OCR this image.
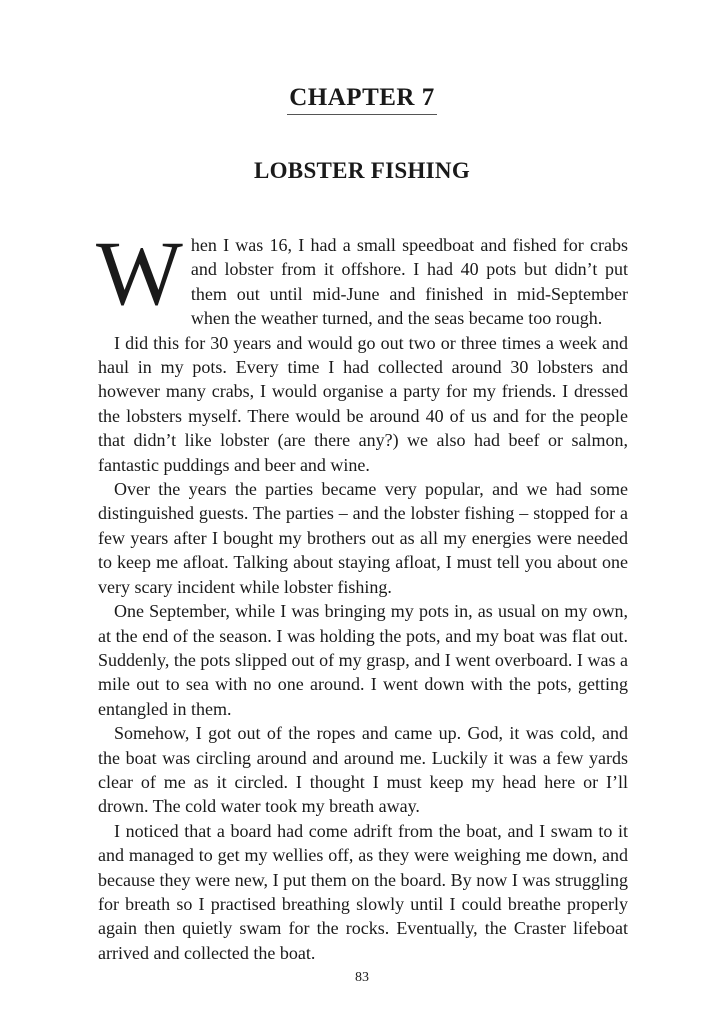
CHAPTER 7
LOBSTER FISHING

When I was 16, I had a small speedboat and fished for crabs and lobster from it offshore. I had 40 pots but didn’t put them out until mid-June and finished in mid-September when the weather turned, and the seas became too rough.

I did this for 30 years and would go out two or three times a week and haul in my pots. Every time I had collected around 30 lobsters and however many crabs, I would organise a party for my friends. I dressed the lobsters myself. There would be around 40 of us and for the people that didn’t like lobster (are there any?) we also had beef or salmon, fantastic puddings and beer and wine.

Over the years the parties became very popular, and we had some distinguished guests. The parties – and the lobster fishing – stopped for a few years after I bought my brothers out as all my energies were needed to keep me afloat. Talking about staying afloat, I must tell you about one very scary incident while lobster fishing.

One September, while I was bringing my pots in, as usual on my own, at the end of the season. I was holding the pots, and my boat was flat out. Suddenly, the pots slipped out of my grasp, and I went overboard. I was a mile out to sea with no one around. I went down with the pots, getting entangled in them.

Somehow, I got out of the ropes and came up. God, it was cold, and the boat was circling around and around me. Luckily it was a few yards clear of me as it circled. I thought I must keep my head here or I’ll drown. The cold water took my breath away.

I noticed that a board had come adrift from the boat, and I swam to it and managed to get my wellies off, as they were weighing me down, and because they were new, I put them on the board. By now I was struggling for breath so I practised breathing slowly until I could breathe properly again then quietly swam for the rocks. Eventually, the Craster lifeboat arrived and collected the boat.

83
